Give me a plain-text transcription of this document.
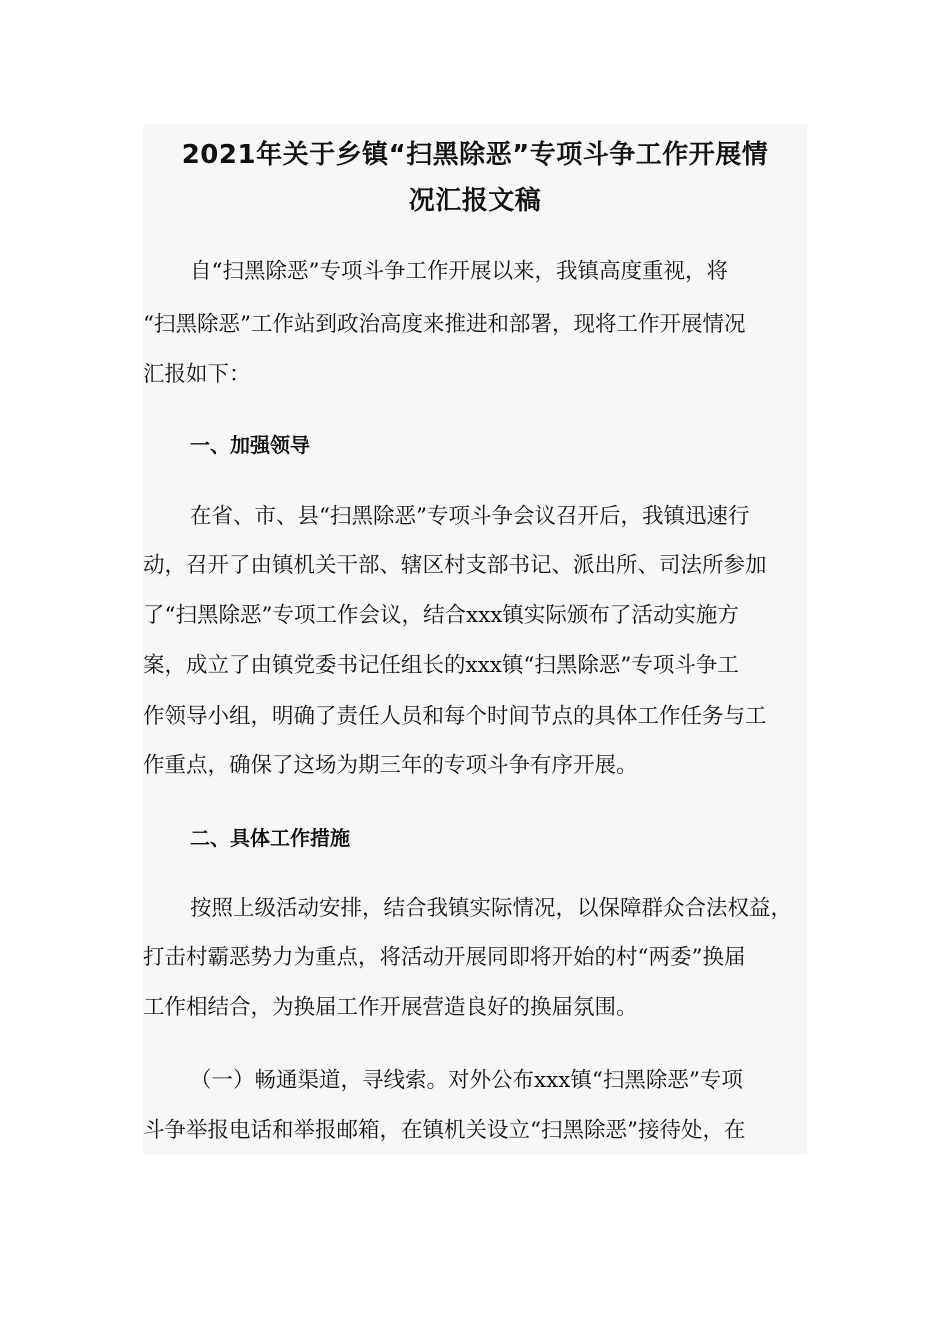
2021年关于乡镇“扫黑除恶”专项斗争工作开展情
况汇报文稿
自“扫黑除恶”专项斗争工作开展以来，我镇高度重视，将
“扫黑除恶”工作站到政治高度来推进和部署，现将工作开展情况
汇报如下：
一、加强领导
在省、市、县“扫黑除恶”专项斗争会议召开后，我镇迅速行
动，召开了由镇机关干部、辖区村支部书记、派出所、司法所参加
了“扫黑除恶”专项工作会议，结合xxx镇实际颁布了活动实施方
案，成立了由镇党委书记任组长的xxx镇“扫黑除恶”专项斗争工
作领导小组，明确了责任人员和每个时间节点的具体工作任务与工
作重点，确保了这场为期三年的专项斗争有序开展。
二、具体工作措施
按照上级活动安排，结合我镇实际情况，以保障群众合法权益，
打击村霸恶势力为重点，将活动开展同即将开始的村“两委”换届
工作相结合，为换届工作开展营造良好的换届氛围。
（一）畅通渠道，寻线索。对外公布xxx镇“扫黑除恶”专项
斗争举报电话和举报邮箱，在镇机关设立“扫黑除恶”接待处，在
